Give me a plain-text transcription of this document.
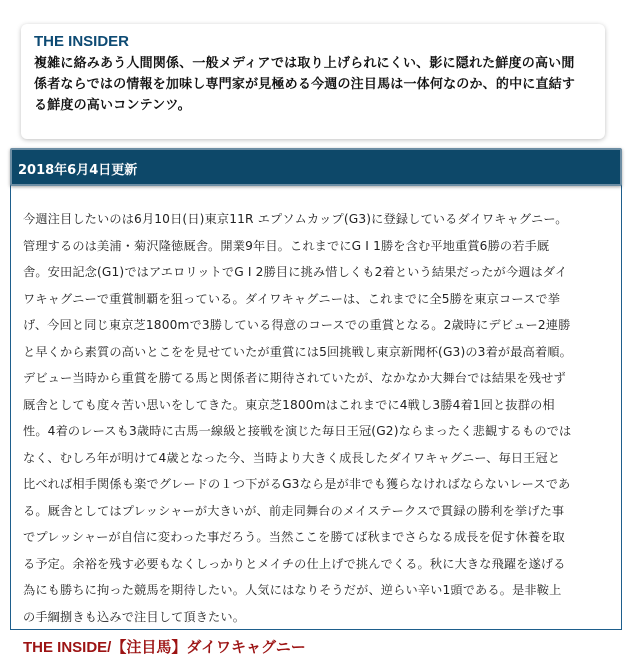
THE INSIDER
複雑に絡みあう人間関係、一般メディアでは取り上げられにくい、影に隠れた鮮度の高い閒
係者ならではの情報を加味し専門家が見極める今週の注目馬は一体何なのか、的中に直結す
る鮮度の高いコンテンツ。
今週注目したいのは6月10日(日)東京11R エプソムカップ(G3)に登録しているダイワキャグニー。
管理するのは美浦・菊沢隆徳厩舎。開業9年目。これまでにG I 1勝を含む平地重賞6勝の若手厩
舎。安田記念(G1)ではアエロリットでG I 2勝目に挑み惜しくも2着という結果だったが今週はダイ
ワキャグニーで重賞制覇を狙っている。ダイワキャグニーは、これまでに全5勝を東京コースで挙
げ、今回と同じ東京芝1800mで3勝している得意のコースでの重賞となる。2歳時にデビュー2連勝
と早くから素質の高いとこをを見せていたが重賞には5回挑戦し東京新聞杯(G3)の3着が最高着順。
デビュー当時から重賞を勝てる馬と関係者に期待されていたが、なかなか大舞台では結果を残せず
厩舎としても度々苦い思いをしてきた。東京芝1800mはこれまでに4戦し3勝4着1回と抜群の相
性。4着のレースも3歳時に古馬一線級と接戦を演じた毎日王冠(G2)ならまったく悲観するものでは
なく、むしろ年が明けて4歳となった今、当時より大きく成長したダイワキャグニー、毎日王冠と
比べれば相手関係も楽でグレードの１つ下がるG3なら是が非でも獲らなければならないレースであ
る。厩舎としてはプレッシャーが大きいが、前走同舞台のメイステークスで貫録の勝利を挙げた事
でプレッシャーが自信に変わった事だろう。当然ここを勝てば秋までさらなる成長を促す休養を取
る予定。余裕を残す必要もなくしっかりとメイチの仕上げで挑んでくる。秋に大きな飛躍を遂げる
為にも勝ちに拘った競馬を期待したい。人気にはなりそうだが、逆らい辛い1頭である。是非鞍上
の手綱捌きも込みで注目して頂きたい。
THE INSIDE/【注目馬】ダイワキャグニー
2018年6月4日更新
